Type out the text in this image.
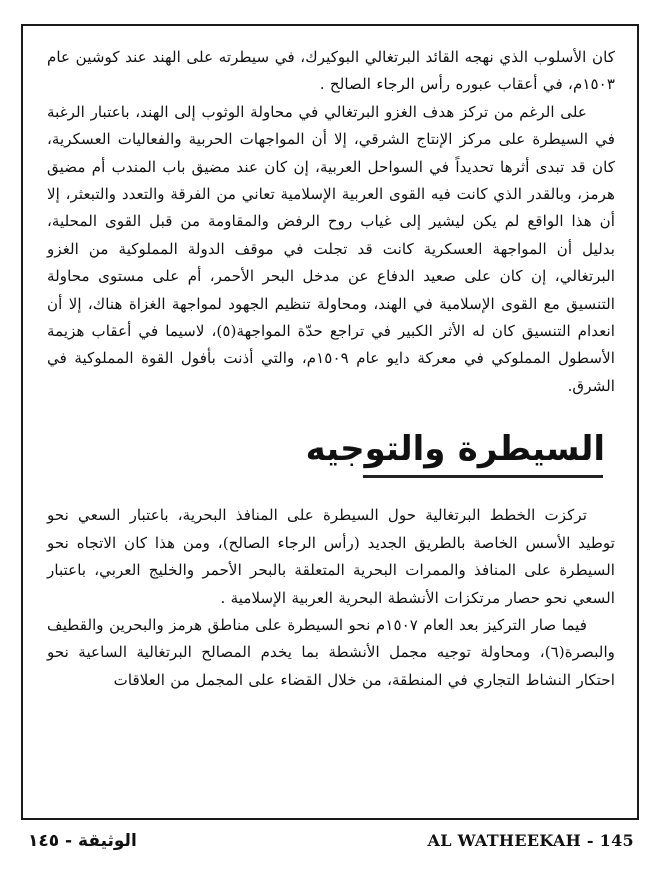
كان الأسلوب الذي نهجه القائد البرتغالي البوكيرك، في سيطرته على الهند عند كوشين عام ١٥٠٣م، في أعقاب عبوره رأس الرجاء الصالح .

على الرغم من تركز هدف الغزو البرتغالي في محاولة الوثوب إلى الهند، باعتبار الرغبة في السيطرة على مركز الإنتاج الشرقي، إلا أن المواجهات الحربية والفعاليات العسكرية، كان قد تبدى أثرها تحديداً في السواحل العربية، إن كان عند مضيق باب المندب أم مضيق هرمز، وبالقدر الذي كانت فيه القوى العربية الإسلامية تعاني من الفرقة والتعدد والتبعثر، إلا أن هذا الواقع لم يكن ليشير إلى غياب روح الرفض والمقاومة من قبل القوى المحلية، بدليل أن المواجهة العسكرية كانت قد تجلت في موقف الدولة المملوكية من الغزو البرتغالي، إن كان على صعيد الدفاع عن مدخل البحر الأحمر، أم على مستوى محاولة التنسيق مع القوى الإسلامية في الهند، ومحاولة تنظيم الجهود لمواجهة الغزاة هناك، إلا أن انعدام التنسيق كان له الأثر الكبير في تراجع حدّة المواجهة(٥)، لاسيما في أعقاب هزيمة الأسطول المملوكي في معركة دايو عام ١٥٠٩م، والتي أذنت بأفول القوة المملوكية في الشرق.

السيطرة والتوجيه

تركزت الخطط البرتغالية حول السيطرة على المنافذ البحرية، باعتبار السعي نحو توطيد الأسس الخاصة بالطريق الجديد (رأس الرجاء الصالح)، ومن هذا كان الاتجاه نحو السيطرة على المنافذ والممرات البحرية المتعلقة بالبحر الأحمر والخليج العربي، باعتبار السعي نحو حصار مرتكزات الأنشطة البحرية العربية الإسلامية .

فيما صار التركيز بعد العام ١٥٠٧م نحو السيطرة على مناطق هرمز والبحرين والقطيف والبصرة(٦)، ومحاولة توجيه مجمل الأنشطة بما يخدم المصالح البرتغالية الساعية نحو احتكار النشاط التجاري في المنطقة، من خلال القضاء على المجمل من العلاقات

AL WATHEEKAH - 145
الوثيقة - ١٤٥
